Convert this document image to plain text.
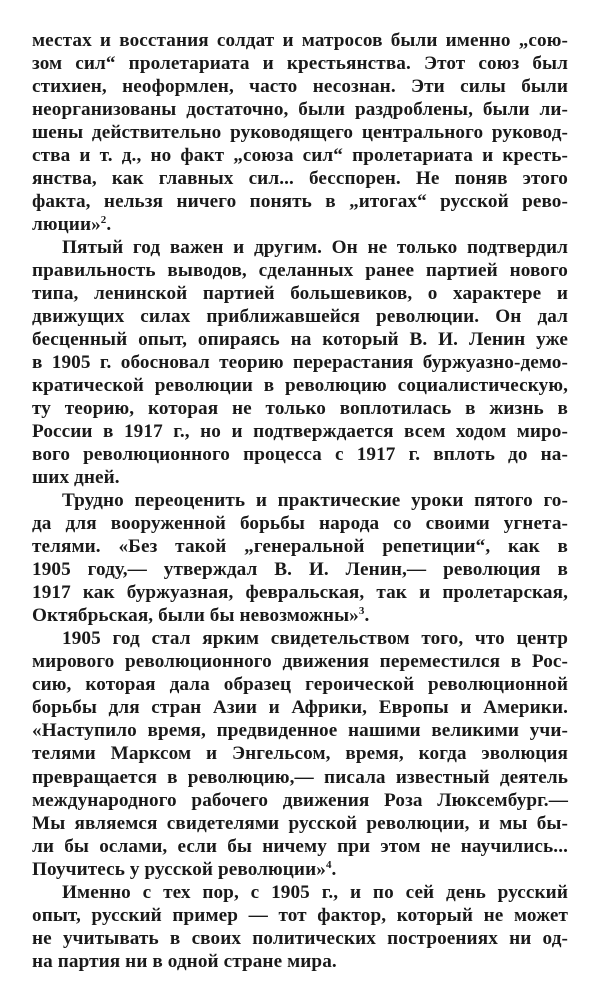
местах и восстания солдат и матросов были именно „сою-
зом сил“ пролетариата и крестьянства. Этот союз был
стихиен, неоформлен, часто несознан. Эти силы были
неорганизованы достаточно, были раздроблены, были ли-
шены действительно руководящего центрального руковод-
ства и т. д., но факт „союза сил“ пролетариата и кресть-
янства, как главных сил... бесспорен. Не поняв этого
факта, нельзя ничего понять в „итогах“ русской рево-
люции»$^2$.
Пятый год важен и другим. Он не только подтвердил
правильность выводов, сделанных ранее партией нового
типа, ленинской партией большевиков, о характере и
движущих силах приближавшейся революции. Он дал
бесценный опыт, опираясь на который В. И. Ленин уже
в 1905 г. обосновал теорию перерастания буржуазно-демо-
кратической революции в революцию социалистическую,
ту теорию, которая не только воплотилась в жизнь в
России в 1917 г., но и подтверждается всем ходом миро-
вого революционного процесса с 1917 г. вплоть до на-
ших дней.
Трудно переоценить и практические уроки пятого го-
да для вооруженной борьбы народа со своими угнета-
телями. «Без такой „генеральной репетиции“, как в
1905 году,— утверждал В. И. Ленин,— революция в
1917 как буржуазная, февральская, так и пролетарская,
Октябрьская, были бы невозможны»$^3$.
1905 год стал ярким свидетельством того, что центр
мирового революционного движения переместился в Рос-
сию, которая дала образец героической революционной
борьбы для стран Азии и Африки, Европы и Америки.
«Наступило время, предвиденное нашими великими учи-
телями Марксом и Энгельсом, время, когда эволюция
превращается в революцию,— писала известный деятель
международного рабочего движения Роза Люксембург.—
Мы являемся свидетелями русской революции, и мы бы-
ли бы ослами, если бы ничему при этом не научились...
Поучитесь у русской революции»$^4$.
Именно с тех пор, с 1905 г., и по сей день русский
опыт, русский пример — тот фактор, который не может
не учитывать в своих политических построениях ни од-
на партия ни в одной стране мира.
